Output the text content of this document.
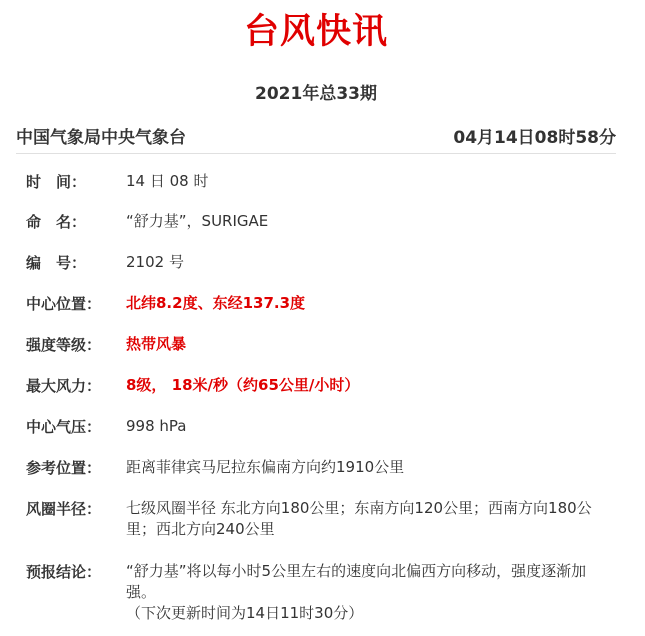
台风快讯
2021年总33期
中国气象局中央气象台	04月14日08时58分
时　间：	14 日 08 时
命　名：	“舒力基”，SURIGAE
编　号：	2102 号
中心位置：	北纬8.2度、东经137.3度
强度等级：	热带风暴
最大风力：	8级， 18米/秒（约65公里/小时）
中心气压：	998 hPa
参考位置：	距离菲律宾马尼拉东偏南方向约1910公里
风圈半径：	七级风圈半径 东北方向180公里；东南方向120公里；西南方向180公里；西北方向240公里
预报结论：	“舒力基”将以每小时5公里左右的速度向北偏西方向移动，强度逐渐加强。

（下次更新时间为14日11时30分）
